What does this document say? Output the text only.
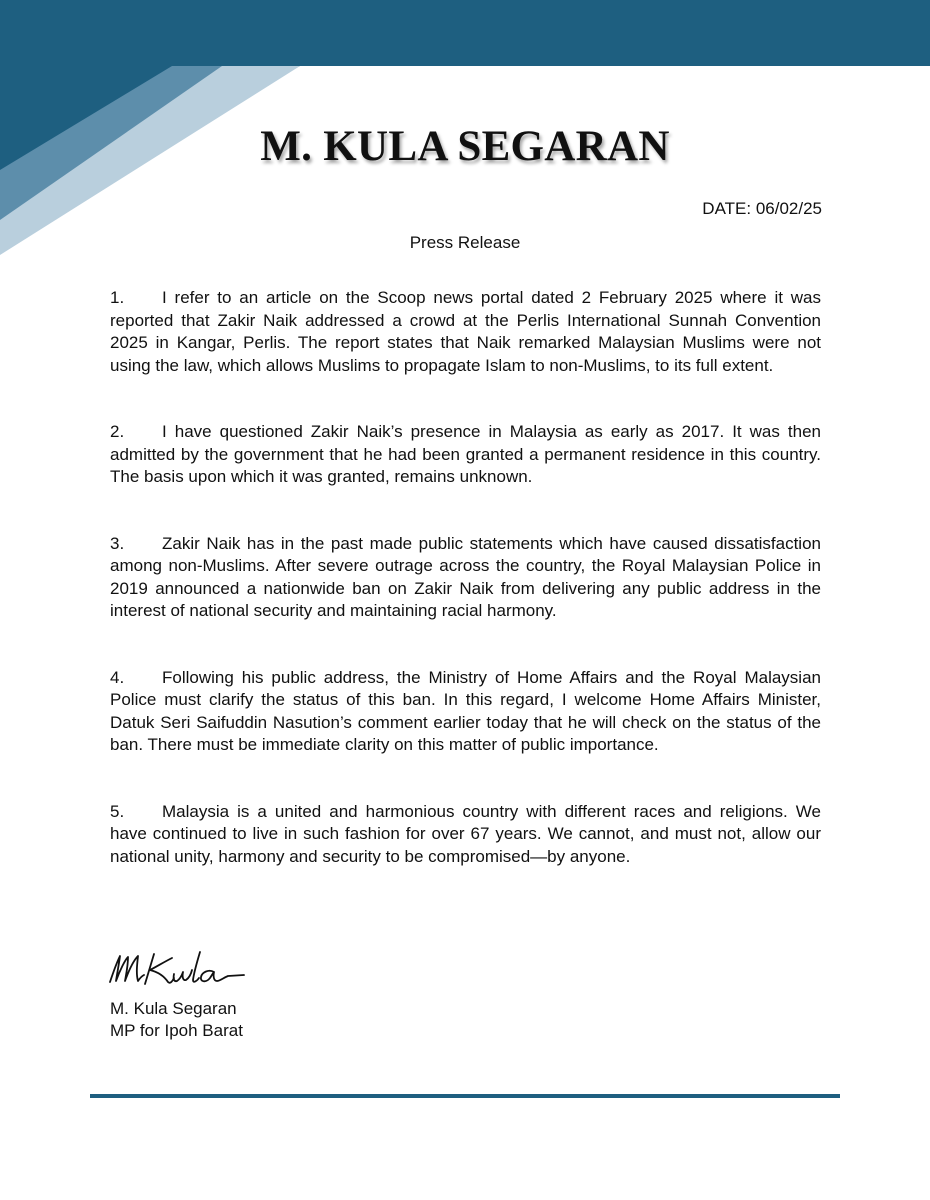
M. KULA SEGARAN
DATE: 06/02/25
Press Release

1. I refer to an article on the Scoop news portal dated 2 February 2025 where it was reported that Zakir Naik addressed a crowd at the Perlis International Sunnah Convention 2025 in Kangar, Perlis. The report states that Naik remarked Malaysian Muslims were not using the law, which allows Muslims to propagate Islam to non-Muslims, to its full extent.

2. I have questioned Zakir Naik’s presence in Malaysia as early as 2017. It was then admitted by the government that he had been granted a permanent residence in this country. The basis upon which it was granted, remains unknown.

3. Zakir Naik has in the past made public statements which have caused dissatisfaction among non-Muslims. After severe outrage across the country, the Royal Malaysian Police in 2019 announced a nationwide ban on Zakir Naik from delivering any public address in the interest of national security and maintaining racial harmony.

4. Following his public address, the Ministry of Home Affairs and the Royal Malaysian Police must clarify the status of this ban. In this regard, I welcome Home Affairs Minister, Datuk Seri Saifuddin Nasution’s comment earlier today that he will check on the status of the ban. There must be immediate clarity on this matter of public importance.

5. Malaysia is a united and harmonious country with different races and religions. We have continued to live in such fashion for over 67 years. We cannot, and must not, allow our national unity, harmony and security to be compromised—by anyone.

M. Kula Segaran
MP for Ipoh Barat
